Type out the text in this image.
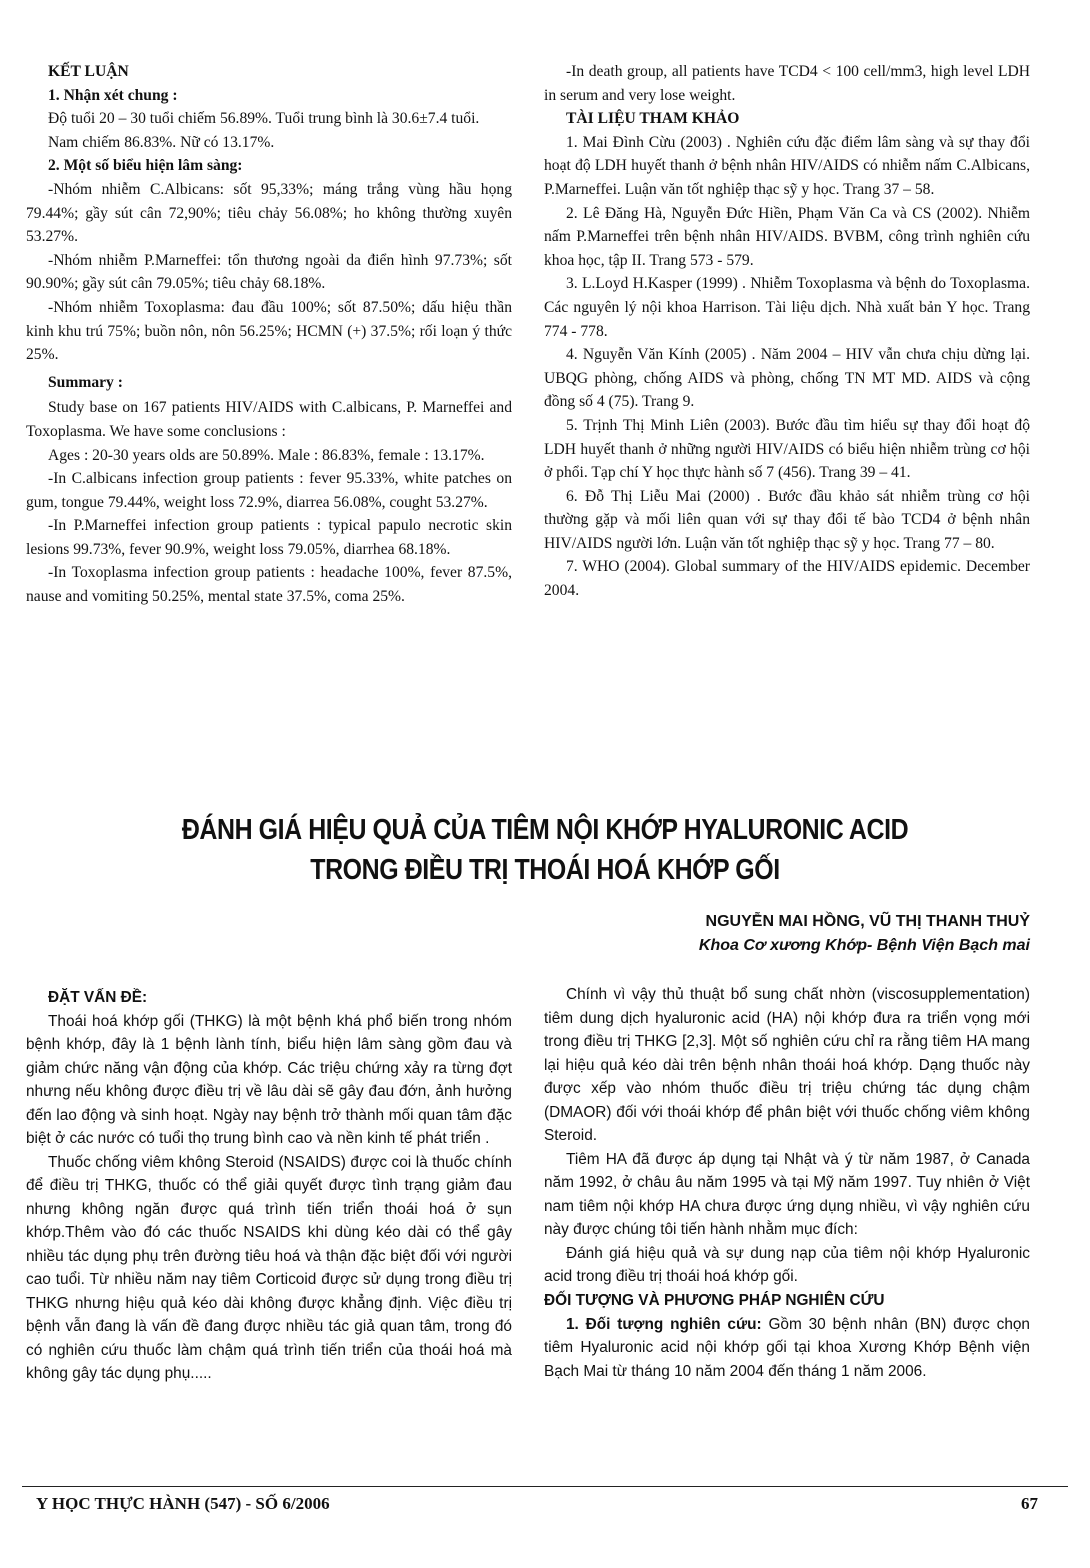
KẾT LUẬN

1. Nhận xét chung :

Độ tuổi 20 – 30 tuổi chiếm 56.89%. Tuổi trung bình là 30.6±7.4 tuổi.

Nam chiếm 86.83%. Nữ có 13.17%.

2. Một số biểu hiện lâm sàng:

-Nhóm nhiễm C.Albicans: sốt 95,33%; máng trắng vùng hầu họng 79.44%; gầy sút cân 72,90%; tiêu chảy 56.08%; ho không thường xuyên 53.27%.

-Nhóm nhiễm P.Marneffei: tổn thương ngoài da điển hình 97.73%; sốt 90.90%; gầy sút cân 79.05%; tiêu chảy 68.18%.

-Nhóm nhiễm Toxoplasma: đau đầu 100%; sốt 87.50%; dấu hiệu thần kinh khu trú 75%; buồn nôn, nôn 56.25%; HCMN (+) 37.5%; rối loạn ý thức 25%.

Summary :

Study base on 167 patients HIV/AIDS with C.albicans, P. Marneffei and Toxoplasma. We have some conclusions :

Ages : 20-30 years olds are 50.89%. Male : 86.83%, female : 13.17%.

-In C.albicans infection group patients : fever 95.33%, white patches on gum, tongue 79.44%, weight loss 72.9%, diarrea 56.08%, cought 53.27%.

-In P.Marneffei infection group patients : typical papulo necrotic skin lesions 99.73%, fever 90.9%, weight loss 79.05%, diarrhea 68.18%.

-In Toxoplasma infection group patients : headache 100%, fever 87.5%, nause and vomiting 50.25%, mental state 37.5%, coma 25%.

-In death group, all patients have TCD4 < 100 cell/mm3, high level LDH in serum and very lose weight.

TÀI LIỆU THAM KHẢO

1. Mai Đình Cừu (2003) . Nghiên cứu đặc điểm lâm sàng và sự thay đổi hoạt độ LDH huyết thanh ở bệnh nhân HIV/AIDS có nhiễm nấm C.Albicans, P.Marneffei. Luận văn tốt nghiệp thạc sỹ y học. Trang 37 – 58.

2. Lê Đăng Hà, Nguyễn Đức Hiền, Phạm Văn Ca và CS (2002). Nhiễm nấm P.Marneffei trên bệnh nhân HIV/AIDS. BVBM, công trình nghiên cứu khoa học, tập II. Trang 573 - 579.

3. L.Loyd H.Kasper (1999) . Nhiễm Toxoplasma và bệnh do Toxoplasma. Các nguyên lý nội khoa Harrison. Tài liệu dịch. Nhà xuất bản Y học. Trang 774 - 778.

4. Nguyễn Văn Kính (2005) . Năm 2004 – HIV vẫn chưa chịu dừng lại. UBQG phòng, chống AIDS và phòng, chống TN MT MD. AIDS và cộng đồng số 4 (75). Trang 9.

5. Trịnh Thị Minh Liên (2003). Bước đầu tìm hiểu sự thay đổi hoạt độ LDH huyết thanh ở những người HIV/AIDS có biểu hiện nhiễm trùng cơ hội ở phổi. Tạp chí Y học thực hành số 7 (456). Trang 39 – 41.

6. Đỗ Thị Liễu Mai (2000) . Bước đầu khảo sát nhiễm trùng cơ hội thường gặp và mối liên quan với sự thay đổi tế bào TCD4 ở bệnh nhân HIV/AIDS người lớn. Luận văn tốt nghiệp thạc sỹ y học. Trang 77 – 80.

7. WHO (2004). Global summary of the HIV/AIDS epidemic. December 2004.

ĐÁNH GIÁ HIỆU QUẢ CỦA TIÊM NỘI KHỚP HYALURONIC ACID
TRONG ĐIỀU TRỊ THOÁI HOÁ KHỚP GỐI
NGUYỄN MAI HỒNG, VŨ THỊ THANH THUỶ
Khoa Cơ xương Khớp- Bệnh Viện Bạch mai

ĐẶT VẤN ĐỀ:

Thoái hoá khớp gối (THKG) là một bệnh khá phổ biến trong nhóm bệnh khớp, đây là 1 bệnh lành tính, biểu hiện lâm sàng gồm đau và giảm chức năng vận động của khớp. Các triệu chứng xảy ra từng đợt nhưng nếu không được điều trị về lâu dài sẽ gây đau đớn, ảnh hưởng đến lao động và sinh hoạt. Ngày nay bệnh trở thành mối quan tâm đặc biệt ở các nước có tuổi thọ trung bình cao và nền kinh tế phát triển .

Thuốc chống viêm không Steroid (NSAIDS) được coi là thuốc chính để điều trị THKG, thuốc có thể giải quyết được tình trạng giảm đau nhưng không ngăn được quá trình tiến triển thoái hoá ở sụn khớp.Thêm vào đó các thuốc NSAIDS khi dùng kéo dài có thể gây nhiều tác dụng phụ trên đường tiêu hoá và thận đặc biệt đối với người cao tuổi. Từ nhiều năm nay tiêm Corticoid được sử dụng trong điều trị THKG nhưng hiệu quả kéo dài không được khẳng định. Việc điều trị bệnh vẫn đang là vấn đề đang được nhiều tác giả quan tâm, trong đó có nghiên cứu thuốc làm chậm quá trình tiến triển của thoái hoá mà không gây tác dụng phụ.....

Chính vì vậy thủ thuật bổ sung chất nhờn (viscosupplementation) tiêm dung dịch hyaluronic acid (HA) nội khớp đưa ra triển vọng mới trong điều trị THKG [2,3]. Một số nghiên cứu chỉ ra rằng tiêm HA mang lại hiệu quả kéo dài trên bệnh nhân thoái hoá khớp. Dạng thuốc này được xếp vào nhóm thuốc điều trị triệu chứng tác dụng chậm (DMAOR) đối với thoái khớp để phân biệt với thuốc chống viêm không Steroid.

Tiêm HA đã được áp dụng tại Nhật và ý từ năm 1987, ở Canada năm 1992, ở châu âu năm 1995 và tại Mỹ năm 1997. Tuy nhiên ở Việt nam tiêm nội khớp HA chưa được ứng dụng nhiều, vì vậy nghiên cứu này được chúng tôi tiến hành nhằm mục đích:

Đánh giá hiệu quả và sự dung nạp của tiêm nội khớp Hyaluronic acid trong điều trị thoái hoá khớp gối.

ĐỐI TƯỢNG VÀ PHƯƠNG PHÁP NGHIÊN CỨU

1. Đối tượng nghiên cứu: Gồm 30 bệnh nhân (BN) được chọn tiêm Hyaluronic acid nội khớp gối tại khoa Xương Khớp Bệnh viện Bạch Mai từ tháng 10 năm 2004 đến tháng 1 năm 2006.

Y HỌC THỰC HÀNH (547) - SỐ 6/2006	67
